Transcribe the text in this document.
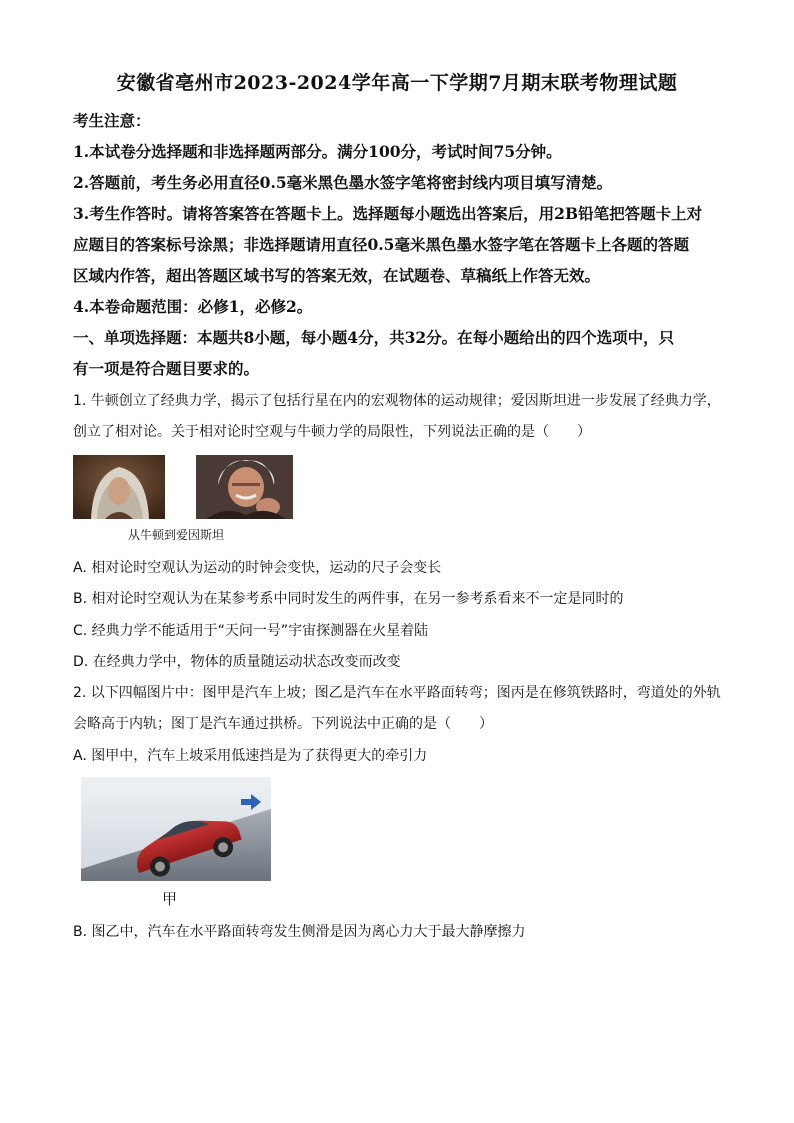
安徽省亳州市2023-2024学年高一下学期7月期末联考物理试题
考生注意：
1.本试卷分选择题和非选择题两部分。满分100分，考试时间75分钟。
2.答题前，考生务必用直径0.5毫米黑色墨水签字笔将密封线内项目填写清楚。
3.考生作答时。请将答案答在答题卡上。选择题每小题选出答案后，用2B铅笔把答题卡上对
应题目的答案标号涂黑；非选择题请用直径0.5毫米黑色墨水签字笔在答题卡上各题的答题
区域内作答，超出答题区域书写的答案无效，在试题卷、草稿纸上作答无效。
4.本卷命题范围：必修1，必修2。
一、单项选择题：本题共8小题，每小题4分，共32分。在每小题给出的四个选项中，只
有一项是符合题目要求的。
1. 牛顿创立了经典力学，揭示了包括行星在内的宏观物体的运动规律；爱因斯坦进一步发展了经典力学，
创立了相对论。关于相对论时空观与牛顿力学的局限性，下列说法正确的是（　　）
从牛顿到爱因斯坦
A. 相对论时空观认为运动的时钟会变快，运动的尺子会变长
B. 相对论时空观认为在某参考系中同时发生的两件事，在另一参考系看来不一定是同时的
C. 经典力学不能适用于“天问一号”宇宙探测器在火星着陆
D. 在经典力学中，物体的质量随运动状态改变而改变
2. 以下四幅图片中：图甲是汽车上坡；图乙是汽车在水平路面转弯；图丙是在修筑铁路时，弯道处的外轨
会略高于内轨；图丁是汽车通过拱桥。下列说法中正确的是（　　）
A. 图甲中，汽车上坡采用低速挡是为了获得更大的牵引力
甲
B. 图乙中，汽车在水平路面转弯发生侧滑是因为离心力大于最大静摩擦力
